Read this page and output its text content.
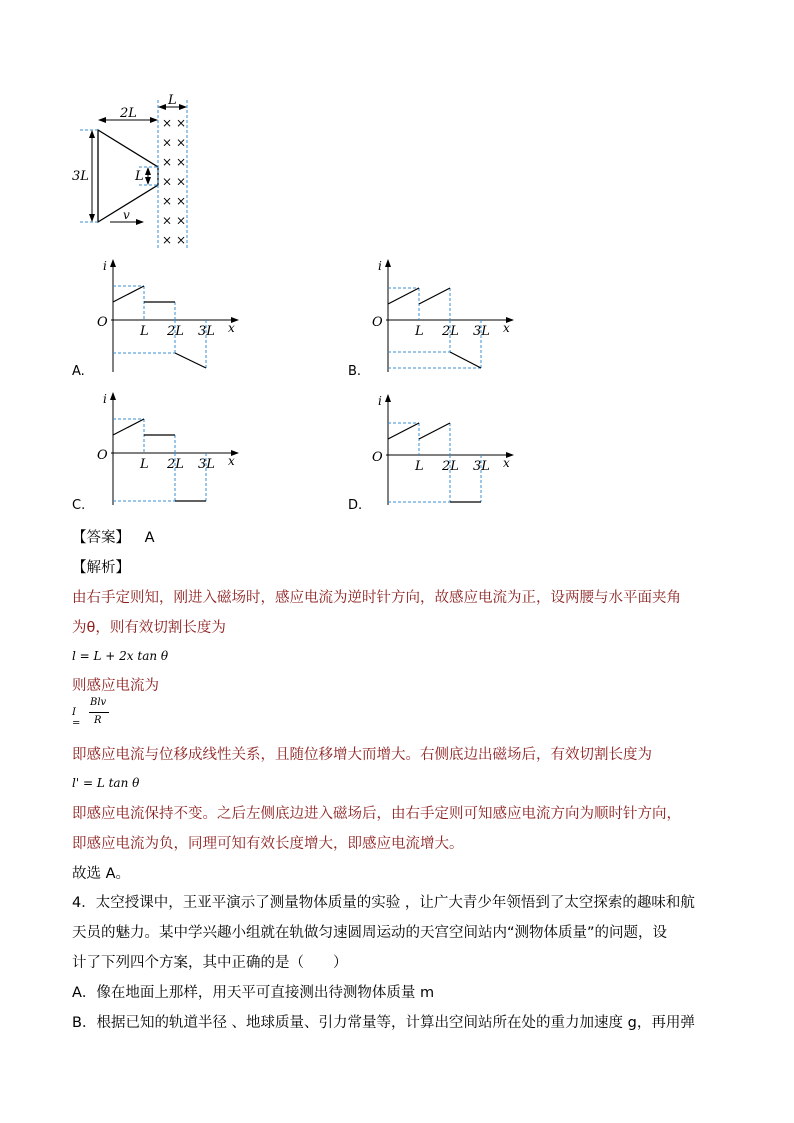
2L
L
3L	L
v
× ×
× ×
× ×
× ×
× ×
× ×
× ×
i
O
L 2L 3L x
i
O
L 2L 3L x
i
O
L 2L 3L x
i
O
L 2L 3L x
A.	B.
C.	D.
【答案】 A
【解析】
由右手定则知，刚进入磁场时，感应电流为逆时针方向，故感应电流为正，设两腰与水平面夹角
为θ，则有效切割长度为
l = L + 2x tan θ
则感应电流为
I =
Blv
R
即感应电流与位移成线性关系，且随位移增大而增大。右侧底边出磁场后，有效切割长度为
l' = L tan θ
即感应电流保持不变。之后左侧底边进入磁场后，由右手定则可知感应电流方向为顺时针方向，
即感应电流为负，同理可知有效长度增大，即感应电流增大。
故选 A。
4．太空授课中，王亚平演示了测量物体质量的实验 ，让广大青少年领悟到了太空探索的趣味和航
天员的魅力。某中学兴趣小组就在轨做匀速圆周运动的天宫空间站内“测物体质量”的问题，设
计了下列四个方案，其中正确的是（　　）
A．像在地面上那样，用天平可直接测出待测物体质量 m
B．根据已知的轨道半径 、地球质量、引力常量等，计算出空间站所在处的重力加速度 g，再用弹
